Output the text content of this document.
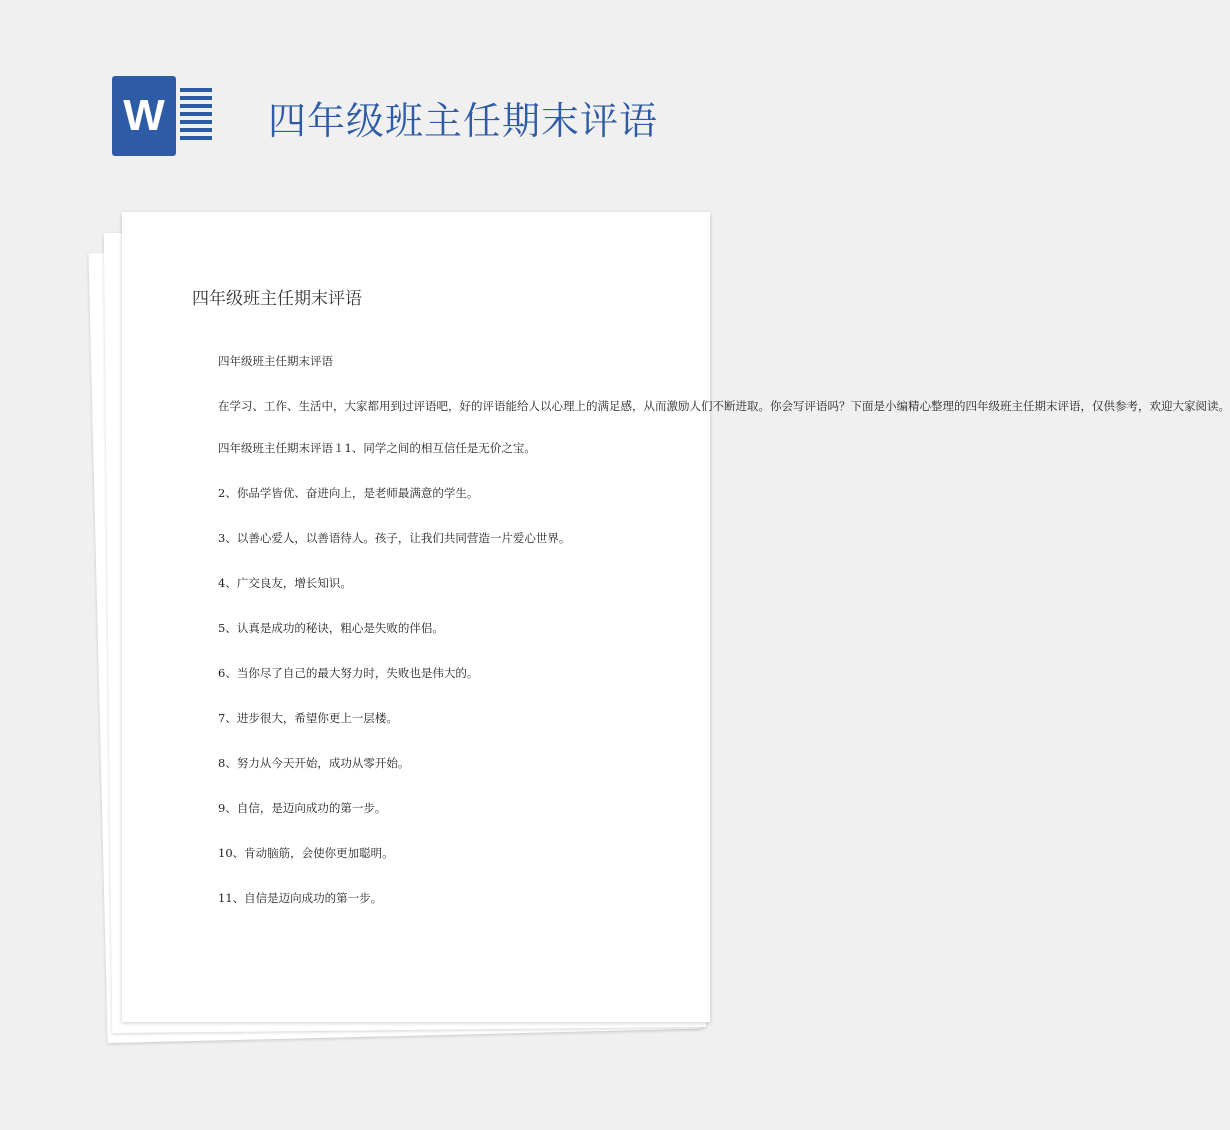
W	四年级班主任期末评语
四年级班主任期末评语

四年级班主任期末评语

在学习、工作、生活中，大家都用到过评语吧，好的评语能给人以心理上的满足感，从而激励人们不断进取。你会写评语吗？下面是小编精心整理的四年级班主任期末评语，仅供参考，欢迎大家阅读。

四年级班主任期末评语１1、同学之间的相互信任是无价之宝。

2、你品学皆优、奋进向上，是老师最满意的学生。

3、以善心爱人，以善语待人。孩子，让我们共同营造一片爱心世界。

4、广交良友，增长知识。

5、认真是成功的秘诀，粗心是失败的伴侣。

6、当你尽了自己的最大努力时，失败也是伟大的。

7、进步很大，希望你更上一层楼。

8、努力从今天开始，成功从零开始。

9、自信，是迈向成功的第一步。

10、肯动脑筋，会使你更加聪明。

11、自信是迈向成功的第一步。
